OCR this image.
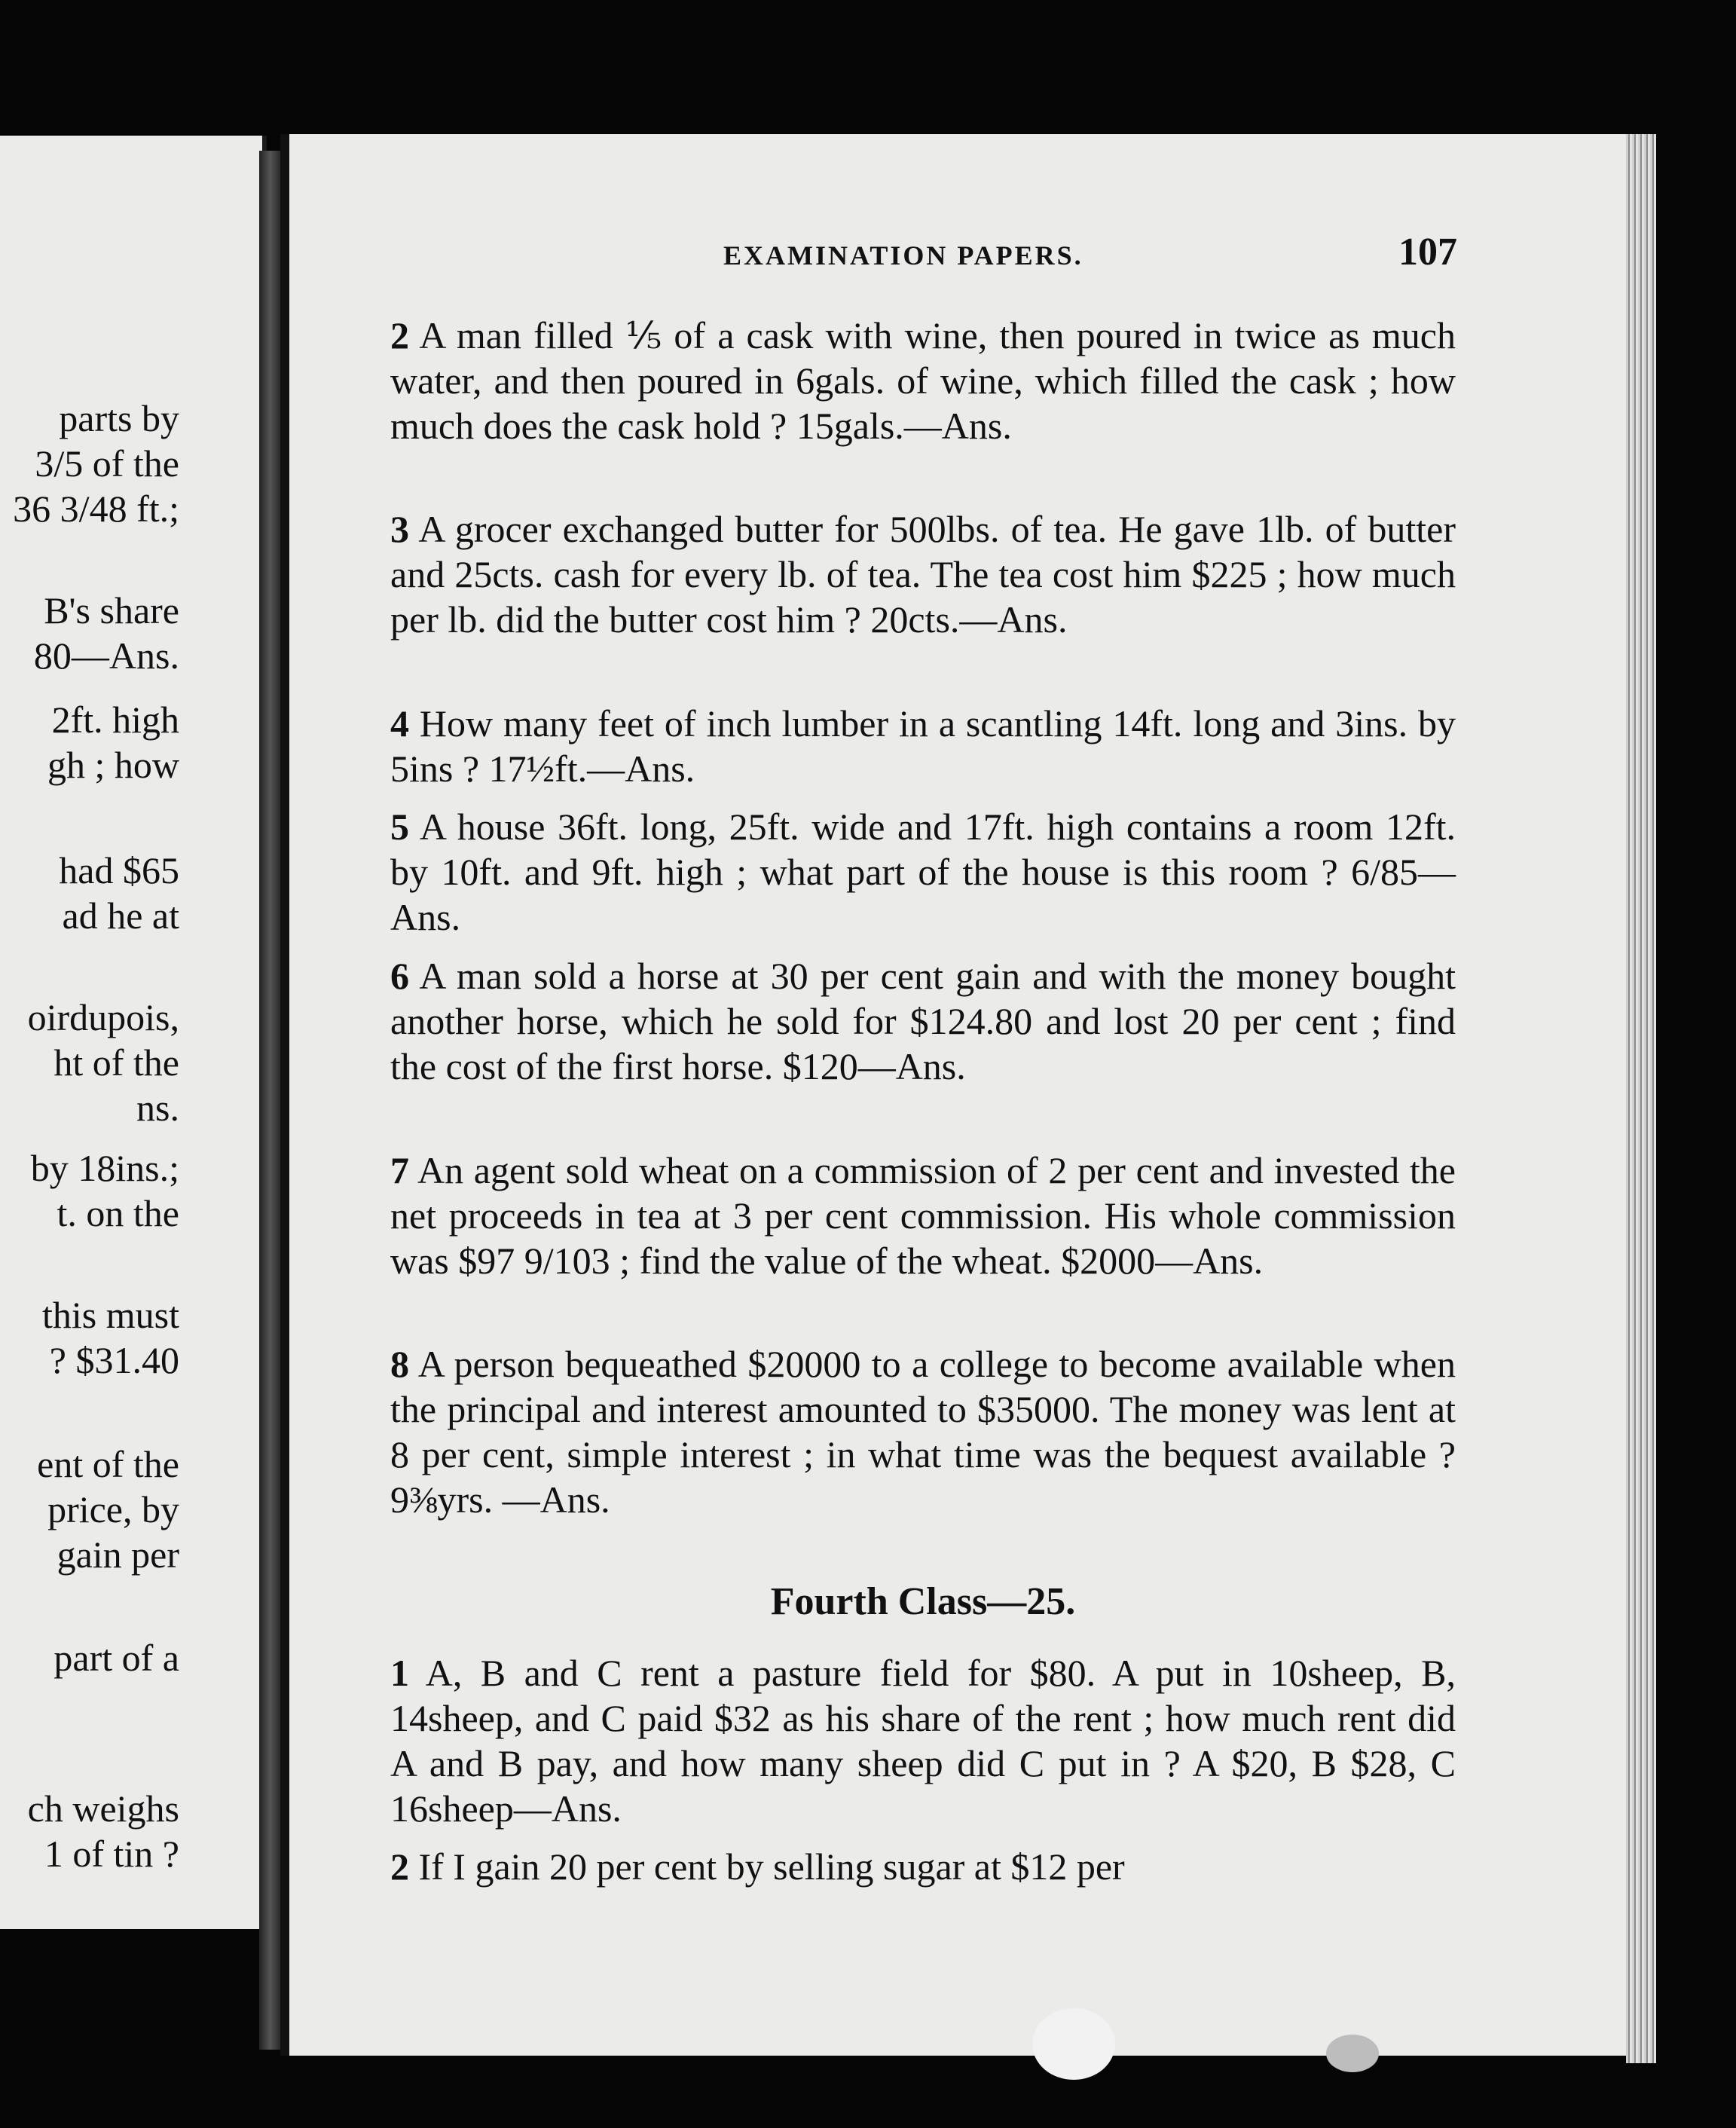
parts by
3/5 of the
36 3/48 ft.;
B's share
80—Ans.
2ft. high
gh ; how
had $65
ad he at
oirdupois,
ht of the
ns.
by 18ins.;
t. on the
this must
? $31.40
ent of the
price, by
gain per
part of a
ch weighs
1 of tin ?
EXAMINATION PAPERS.	107
2 A man filled ⅕ of a cask with wine, then poured in twice as much water, and then poured in 6gals. of wine, which filled the cask ; how much does the cask hold ? 15gals.—Ans.
3 A grocer exchanged butter for 500lbs. of tea. He gave 1lb. of butter and 25cts. cash for every lb. of tea. The tea cost him $225 ; how much per lb. did the butter cost him ? 20cts.—Ans.
4 How many feet of inch lumber in a scantling 14ft. long and 3ins. by 5ins ? 17½ft.—Ans.
5 A house 36ft. long, 25ft. wide and 17ft. high contains a room 12ft. by 10ft. and 9ft. high ; what part of the house is this room ? 6/85—Ans.
6 A man sold a horse at 30 per cent gain and with the money bought another horse, which he sold for $124.80 and lost 20 per cent ; find the cost of the first horse. $120—Ans.
7 An agent sold wheat on a commission of 2 per cent and invested the net proceeds in tea at 3 per cent commission. His whole commission was $97 9/103 ; find the value of the wheat. $2000—Ans.
8 A person bequeathed $20000 to a college to become available when the principal and interest amounted to $35000. The money was lent at 8 per cent, simple interest ; in what time was the bequest available ? 9⅜yrs. —Ans.
Fourth Class—25.
1 A, B and C rent a pasture field for $80. A put in 10sheep, B, 14sheep, and C paid $32 as his share of the rent ; how much rent did A and B pay, and how many sheep did C put in ? A $20, B $28, C 16sheep—Ans.
2 If I gain 20 per cent by selling sugar at $12 per
